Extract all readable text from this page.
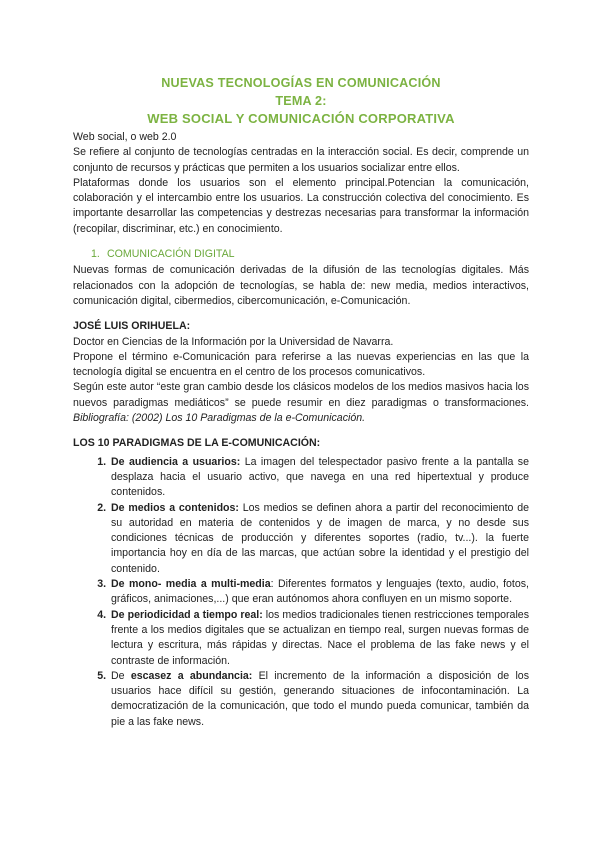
NUEVAS TECNOLOGÍAS EN COMUNICACIÓN
TEMA 2:
WEB SOCIAL Y COMUNICACIÓN CORPORATIVA

Web social, o web 2.0

Se refiere al conjunto de tecnologías centradas en la interacción social. Es decir, comprende un conjunto de recursos y prácticas que permiten a los usuarios socializar entre ellos.

Plataformas donde los usuarios son el elemento principal.Potencian la comunicación, colaboración y el intercambio entre los usuarios. La construcción colectiva del conocimiento. Es importante desarrollar las competencias y destrezas necesarias para transformar la información (recopilar, discriminar, etc.) en conocimiento.

1. COMUNICACIÓN DIGITAL

Nuevas formas de comunicación derivadas de la difusión de las tecnologías digitales. Más relacionados con la adopción de tecnologías, se habla de: new media, medios interactivos, comunicación digital, cibermedios, cibercomunicación, e-Comunicación.

JOSÉ LUIS ORIHUELA:

Doctor en Ciencias de la Información por la Universidad de Navarra.

Propone el término e-Comunicación para referirse a las nuevas experiencias en las que la tecnología digital se encuentra en el centro de los procesos comunicativos.

Según este autor “este gran cambio desde los clásicos modelos de los medios masivos hacia los nuevos paradigmas mediáticos” se puede resumir en diez paradigmas o transformaciones. Bibliografía: (2002) Los 10 Paradigmas de la e-Comunicación.

LOS 10 PARADIGMAS DE LA E-COMUNICACIÓN:
1. De audiencia a usuarios: La imagen del telespectador pasivo frente a la pantalla se desplaza hacia el usuario activo, que navega en una red hipertextual y produce contenidos.
2. De medios a contenidos: Los medios se definen ahora a partir del reconocimiento de su autoridad en materia de contenidos y de imagen de marca, y no desde sus condiciones técnicas de producción y diferentes soportes (radio, tv...). la fuerte importancia hoy en día de las marcas, que actúan sobre la identidad y el prestigio del contenido.
3. De mono- media a multi-media: Diferentes formatos y lenguajes (texto, audio, fotos, gráficos, animaciones,...) que eran autónomos ahora confluyen en un mismo soporte.
4. De periodicidad a tiempo real: los medios tradicionales tienen restricciones temporales frente a los medios digitales que se actualizan en tiempo real, surgen nuevas formas de lectura y escritura, más rápidas y directas. Nace el problema de las fake news y el contraste de información.
5. De escasez a abundancia: El incremento de la información a disposición de los usuarios hace difícil su gestión, generando situaciones de infocontaminación. La democratización de la comunicación, que todo el mundo pueda comunicar, también da pie a las fake news.
